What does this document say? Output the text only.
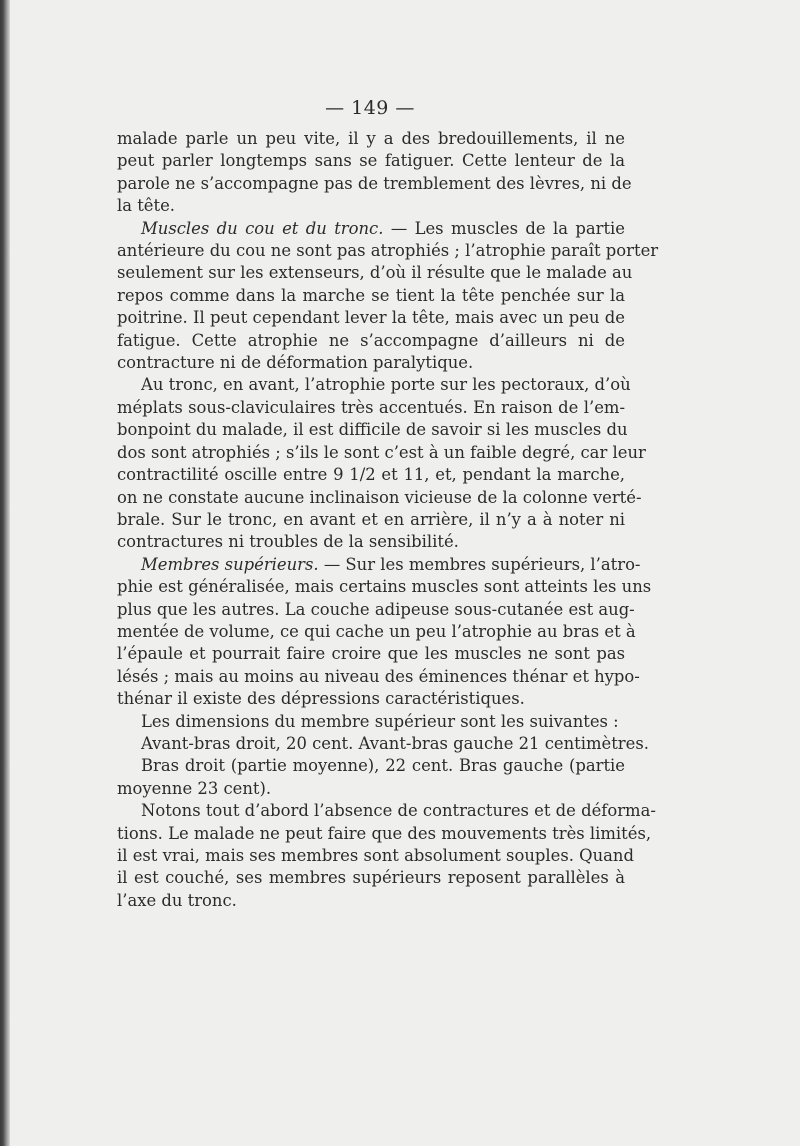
— 149 —
malade parle un peu vite, il y a des bredouillements, il ne
peut parler longtemps sans se fatiguer. Cette lenteur de la
parole ne s’accompagne pas de tremblement des lèvres, ni de
la tête.
Muscles du cou et du tronc. — Les muscles de la partie
antérieure du cou ne sont pas atrophiés ; l’atrophie paraît porter
seulement sur les extenseurs, d’où il résulte que le malade au
repos comme dans la marche se tient la tête penchée sur la
poitrine. Il peut cependant lever la tête, mais avec un peu de
fatigue. Cette atrophie ne s’accompagne d’ailleurs ni de
contracture ni de déformation paralytique.
Au tronc, en avant, l’atrophie porte sur les pectoraux, d’où
méplats sous-claviculaires très accentués. En raison de l’em-
bonpoint du malade, il est difficile de savoir si les muscles du
dos sont atrophiés ; s’ils le sont c’est à un faible degré, car leur
contractilité oscille entre 9 1/2 et 11, et, pendant la marche,
on ne constate aucune inclinaison vicieuse de la colonne verté-
brale. Sur le tronc, en avant et en arrière, il n’y a à noter ni
contractures ni troubles de la sensibilité.
Membres supérieurs. — Sur les membres supérieurs, l’atro-
phie est généralisée, mais certains muscles sont atteints les uns
plus que les autres. La couche adipeuse sous-cutanée est aug-
mentée de volume, ce qui cache un peu l’atrophie au bras et à
l’épaule et pourrait faire croire que les muscles ne sont pas
lésés ; mais au moins au niveau des éminences thénar et hypo-
thénar il existe des dépressions caractéristiques.
Les dimensions du membre supérieur sont les suivantes :
Avant-bras droit, 20 cent. Avant-bras gauche 21 centimètres.
Bras droit (partie moyenne), 22 cent. Bras gauche (partie
moyenne 23 cent).
Notons tout d’abord l’absence de contractures et de déforma-
tions. Le malade ne peut faire que des mouvements très limités,
il est vrai, mais ses membres sont absolument souples. Quand
il est couché, ses membres supérieurs reposent parallèles à
l’axe du tronc.
